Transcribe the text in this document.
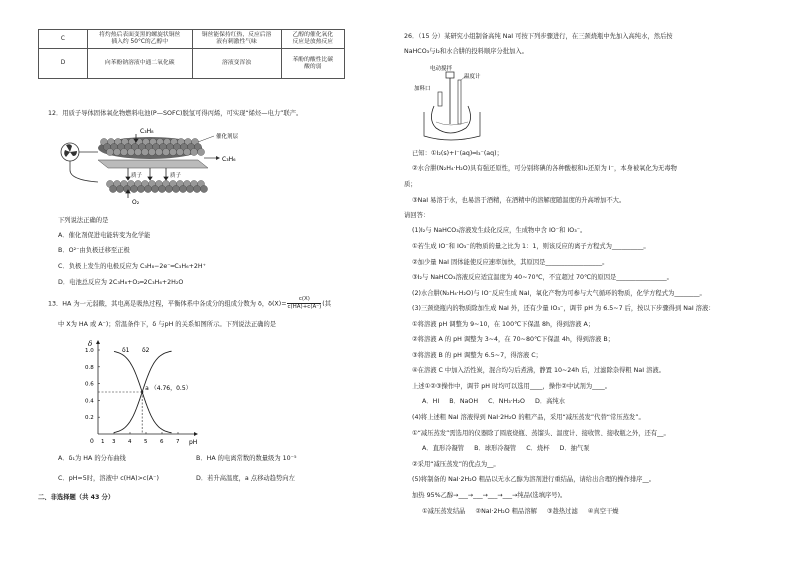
C	将灼热后表面变黑的螺旋状铜丝
插入约 50°C的乙醇中	铜丝能保持红热，反应后溶
液有刺激性气味	乙醇的催化氧化
反应是放热反应
D	向苯酚钠溶液中通二氧化碳	溶液变浑浊	苯酚的酸性比碳
酸的弱
12．用质子导体固体氧化物燃料电池(P—SOFC)脱氢可得丙烯，可实现“烯烃—电力”联产。
C₃H₈
催化剂层
C₃H₆
质子	质子
O₂
下列说法正确的是
A．催化剂促进电能转变为化学能
B．O²⁻由负极迁移至正极
C．负极上发生的电极反应为 C₃H₈−2e⁻═C₃H₆+2H⁺
D．电池总反应为 2C₃H₈+O₂═2C₃H₆+2H₂O
13．HA 为一元弱酸，其电离是吸热过程，平衡体系中各成分的组成分数为 δ，$\delta(X)= \frac{c(X)}{c(HA)+c(A^-)}$ (其
中 X为 HA 或 A⁻)；常温条件下，δ 与pH 的关系如图所示。下列说法正确的是
1.0
0.8
0.6
0.4
0.2
1 3 4 5 6 7
a （4.76，0.5）
δ
pH
0
δ1 δ2
A．δ₁为 HA 的分布曲线	B．HA 的电离常数的数量级为 10⁻⁵
C．pH=5时，溶液中 c(HA)>c(A⁻)	D．若升高温度，a 点移动趋势向左
二、非选择题（共 43 分）
26．（15 分）某研究小组制备高纯 NaI 可按下列步骤进行，在三颈烧瓶中先加入高纯水，然后按
NaHCO₃与I₂和水合肼的投料顺序分批加入。
电动搅拌
温度计
加料口
已知：①I₂(s)+I⁻(aq)═I₃⁻(aq)；
②水合肼(N₂H₄·H₂O)具有强还原性，可分别将碘的各种酸根和I₂还原为 I⁻，本身被氧化为无毒物
质；
③NaI 易溶于水，也易溶于酒精，在酒精中的溶解度随温度的升高增加不大。
请回答：
(1)I₂与 NaHCO₃溶液发生歧化反应，生成物中含 IO⁻和 IO₃⁻。
①若生成 IO⁻和 IO₃⁻的物质的量之比为 1：1，则该反应的离子方程式为__________。
②加少量 NaI 固体能使反应速率加快，其原因是__________________。
③I₂与 NaHCO₃溶液反应适宜温度为 40~70℃，不宜超过 70℃的原因是________________。
(2)水合肼(N₂H₄·H₂O)与 IO⁻反应生成 NaI，氧化产物为可参与大气循环的物质，化学方程式为________。
(3)三颈烧瓶内的物质除加生成 NaI 外，还有少量 IO₃⁻，调节 pH 为 6.5~7 后，按以下步骤得到 NaI 溶液：
①将溶液 pH 调整为 9~10，在 100℃下保温 8h，得到溶液 A；
②将溶液 A 的 pH 调整为 3~4，在 70~80℃下保温 4h，得到溶液 B；
③将溶液 B 的 pH 调整为 6.5~7，得溶液 C；
④在溶液 C 中加入活性炭，混合均匀后煮沸，静置 10~24h 后，过滤除杂得粗 NaI 溶液。
上述①②③操作中，调节 pH 时均可以选用____，操作②中试剂为____。
A．HI     B．NaOH     C．NH₃·H₂O     D．高纯水
(4)将上述粗 NaI 溶液得到 NaI·2H₂O 的粗产品，采用“减压蒸发”代替“常压蒸发”。
①“减压蒸发”需选用的仪器除了圆底烧瓶、蒸馏头、温度计、接收管、接收瓶之外，还有__。
A．直形冷凝管     B．球形冷凝管     C．烧杯     D．抽气泵
②采用“减压蒸发”的优点为__。
(5)将制备的 NaI·2H₂O 粗品以无水乙醇为溶剂进行重结晶，请给出合理的操作排序__。
加热 95%乙醇→___→___→___→___→纯品(选填序号)。
①减压蒸发结晶     ②NaI·2H₂O 粗品溶解     ③趁热过滤     ④真空干燥
